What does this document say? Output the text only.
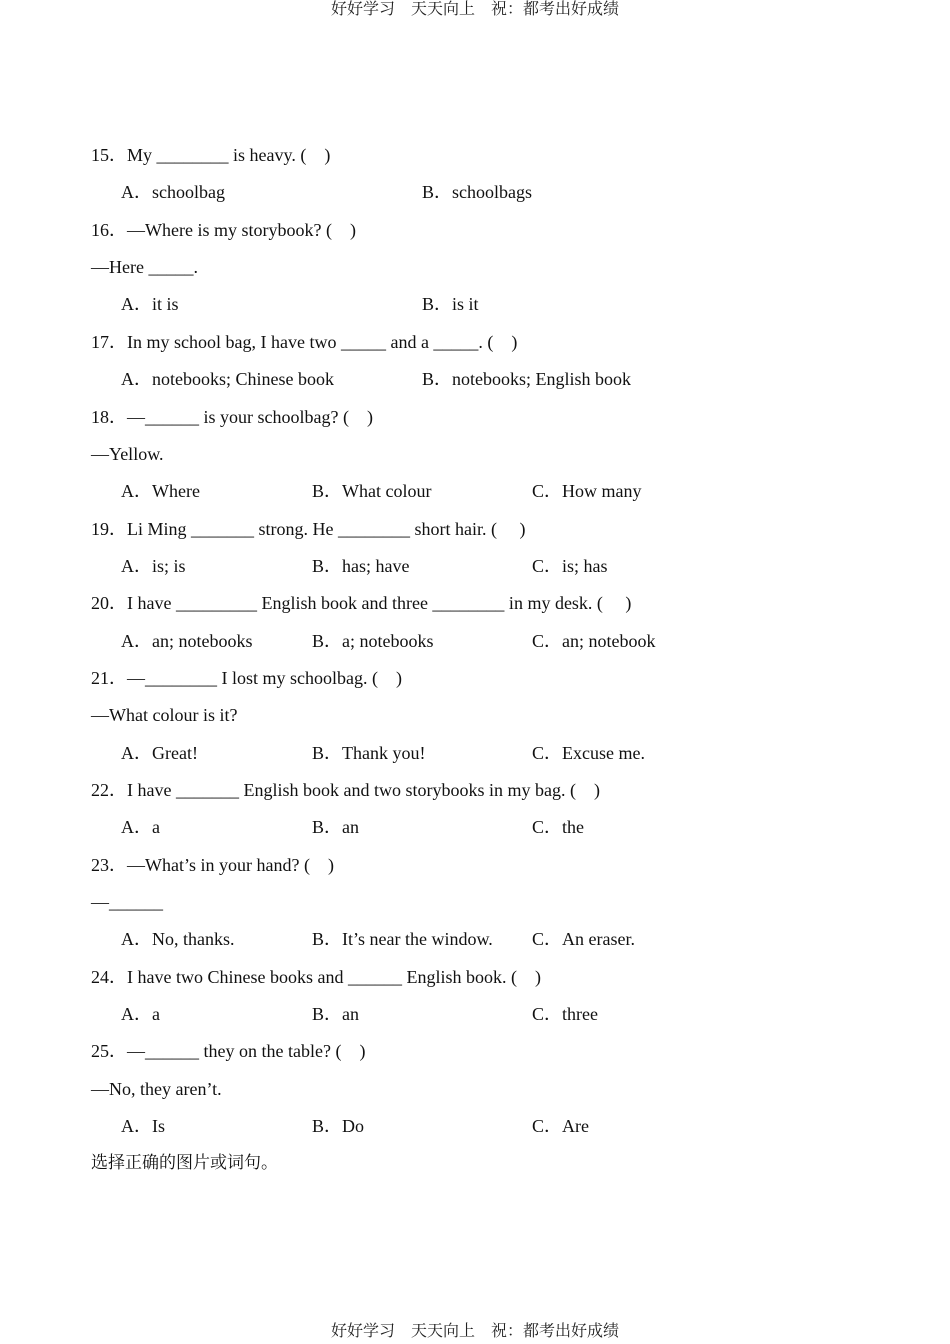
好好学习　天天向上　祝：都考出好成绩
15．My ________ is heavy. (　)
A．schoolbag	B．schoolbags
16．—Where is my storybook? (　)
—Here _____.
A．it is	B．is it
17．In my school bag, I have two _____ and a _____. (　)
A．notebooks; Chinese book	B．notebooks; English book
18．—______ is your schoolbag? (　)
—Yellow.
A．Where	B．What colour	C．How many
19．Li Ming _______ strong. He ________ short hair. (　 )
A．is; is	B．has; have	C．is; has
20．I have _________ English book and three ________ in my desk. (　 )
A．an; notebooks	B．a; notebooks	C．an; notebook
21．—________ I lost my schoolbag. (　)
—What colour is it?
A．Great!	B．Thank you!	C．Excuse me.
22．I have _______ English book and two storybooks in my bag. (　)
A．a	B．an	C．the
23．—What’s in your hand? (　)
—______
A．No, thanks.	B．It’s near the window. C．An eraser.
24．I have two Chinese books and ______ English book. (　)
A．a	B．an	C．three
25．—______ they on the table? (　)
—No, they aren’t.
A．Is	B．Do	C．Are
选择正确的图片或词句。
好好学习　天天向上　祝：都考出好成绩
